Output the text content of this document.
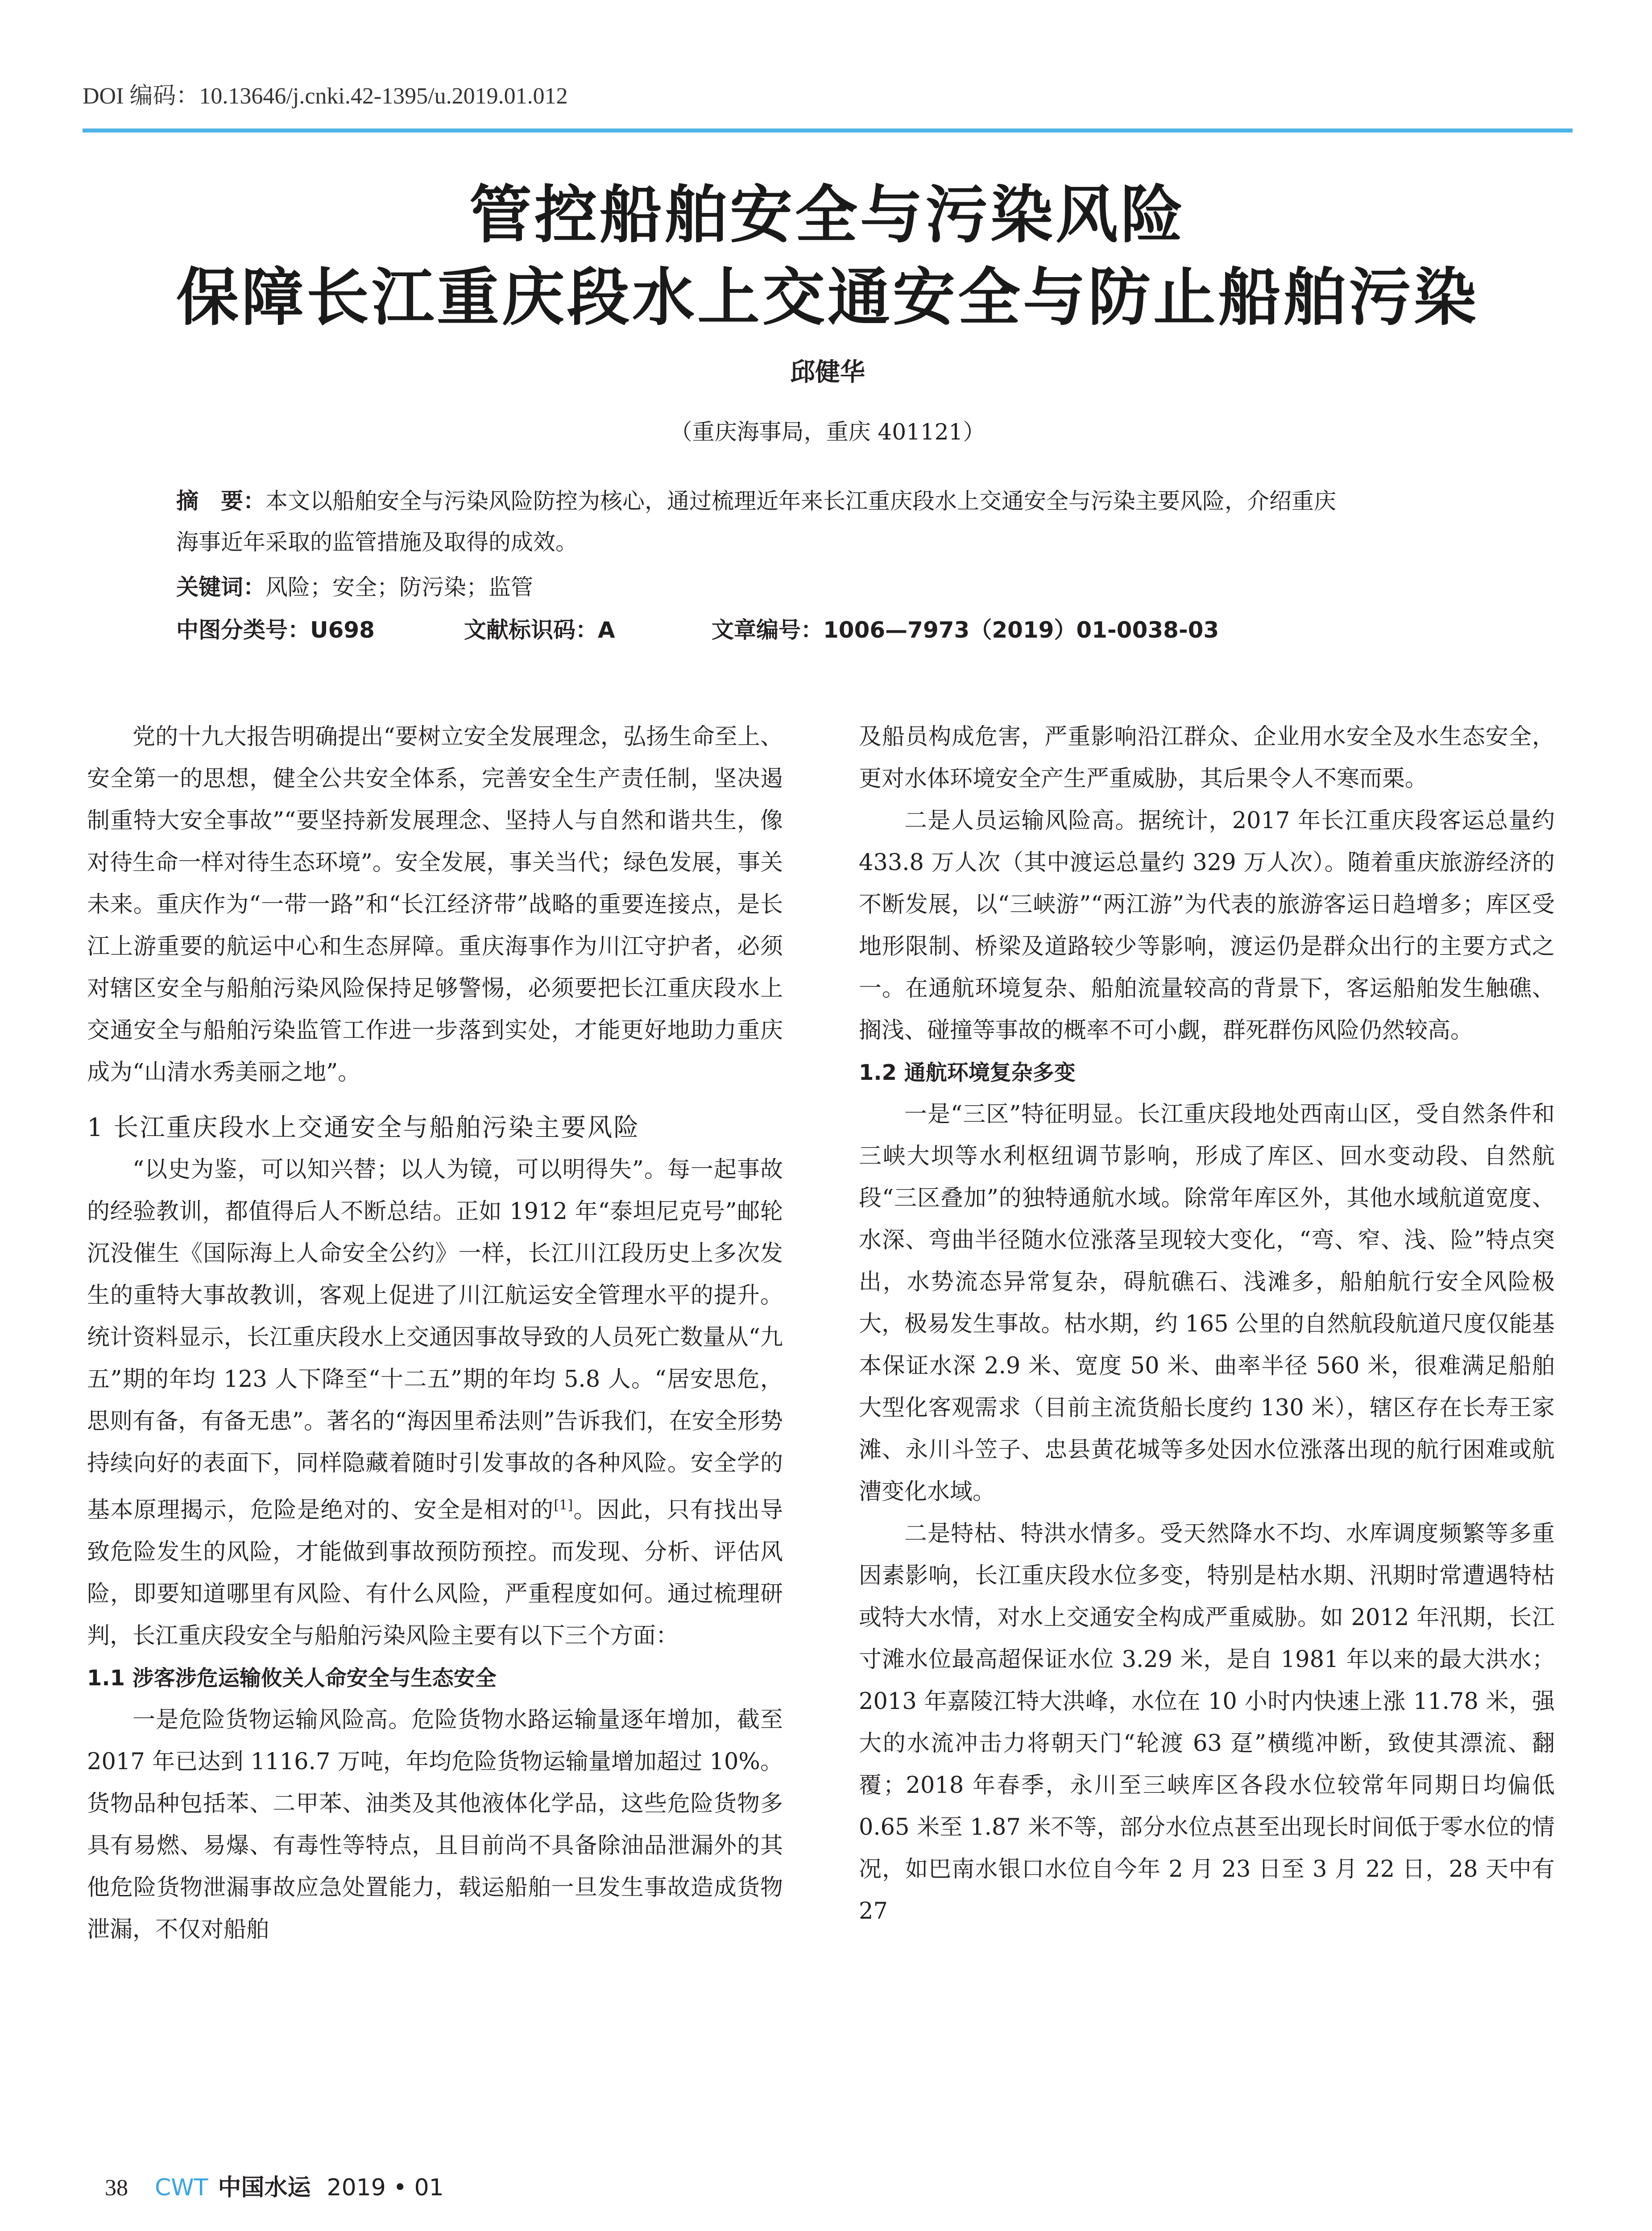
DOI 编码：10.13646/j.cnki.42-1395/u.2019.01.012
管控船舶安全与污染风险
保障长江重庆段水上交通安全与防止船舶污染
邱健华
（重庆海事局，重庆 401121）
摘　要：本文以船舶安全与污染风险防控为核心，通过梳理近年来长江重庆段水上交通安全与污染主要风险，介绍重庆
海事近年采取的监管措施及取得的成效。
关键词：风险；安全；防污染；监管
中图分类号：U698	文献标识码：A	文章编号：1006—7973（2019）01-0038-03

党的十九大报告明确提出“要树立安全发展理念，弘扬生命至上、安全第一的思想，健全公共安全体系，完善安全生产责任制，坚决遏制重特大安全事故”“要坚持新发展理念、坚持人与自然和谐共生，像对待生命一样对待生态环境”。安全发展，事关当代；绿色发展，事关未来。重庆作为“一带一路”和“长江经济带”战略的重要连接点，是长江上游重要的航运中心和生态屏障。重庆海事作为川江守护者，必须对辖区安全与船舶污染风险保持足够警惕，必须要把长江重庆段水上交通安全与船舶污染监管工作进一步落到实处，才能更好地助力重庆成为“山清水秀美丽之地”。

1 长江重庆段水上交通安全与船舶污染主要风险

“以史为鉴，可以知兴替；以人为镜，可以明得失”。每一起事故的经验教训，都值得后人不断总结。正如 1912 年“泰坦尼克号”邮轮沉没催生《国际海上人命安全公约》一样，长江川江段历史上多次发生的重特大事故教训，客观上促进了川江航运安全管理水平的提升。统计资料显示，长江重庆段水上交通因事故导致的人员死亡数量从“九五”期的年均 123 人下降至“十二五”期的年均 5.8 人。“居安思危，思则有备，有备无患”。著名的“海因里希法则”告诉我们，在安全形势持续向好的表面下，同样隐藏着随时引发事故的各种风险。安全学的基本原理揭示，危险是绝对的、安全是相对的[1]。因此，只有找出导致危险发生的风险，才能做到事故预防预控。而发现、分析、评估风险，即要知道哪里有风险、有什么风险，严重程度如何。通过梳理研判，长江重庆段安全与船舶污染风险主要有以下三个方面：

1.1 涉客涉危运输攸关人命安全与生态安全

一是危险货物运输风险高。危险货物水路运输量逐年增加，截至 2017 年已达到 1116.7 万吨，年均危险货物运输量增加超过 10%。货物品种包括苯、二甲苯、油类及其他液体化学品，这些危险货物多具有易燃、易爆、有毒性等特点，且目前尚不具备除油品泄漏外的其他危险货物泄漏事故应急处置能力，载运船舶一旦发生事故造成货物泄漏，不仅对船舶

及船员构成危害，严重影响沿江群众、企业用水安全及水生态安全，更对水体环境安全产生严重威胁，其后果令人不寒而栗。

二是人员运输风险高。据统计，2017 年长江重庆段客运总量约 433.8 万人次（其中渡运总量约 329 万人次）。随着重庆旅游经济的不断发展，以“三峡游”“两江游”为代表的旅游客运日趋增多；库区受地形限制、桥梁及道路较少等影响，渡运仍是群众出行的主要方式之一。在通航环境复杂、船舶流量较高的背景下，客运船舶发生触礁、搁浅、碰撞等事故的概率不可小觑，群死群伤风险仍然较高。

1.2 通航环境复杂多变

一是“三区”特征明显。长江重庆段地处西南山区，受自然条件和三峡大坝等水利枢纽调节影响，形成了库区、回水变动段、自然航段“三区叠加”的独特通航水域。除常年库区外，其他水域航道宽度、水深、弯曲半径随水位涨落呈现较大变化，“弯、窄、浅、险”特点突出，水势流态异常复杂，碍航礁石、浅滩多，船舶航行安全风险极大，极易发生事故。枯水期，约 165 公里的自然航段航道尺度仅能基本保证水深 2.9 米、宽度 50 米、曲率半径 560 米，很难满足船舶大型化客观需求（目前主流货船长度约 130 米），辖区存在长寿王家滩、永川斗笠子、忠县黄花城等多处因水位涨落出现的航行困难或航漕变化水域。

二是特枯、特洪水情多。受天然降水不均、水库调度频繁等多重因素影响，长江重庆段水位多变，特别是枯水期、汛期时常遭遇特枯或特大水情，对水上交通安全构成严重威胁。如 2012 年汛期，长江寸滩水位最高超保证水位 3.29 米，是自 1981 年以来的最大洪水；2013 年嘉陵江特大洪峰，水位在 10 小时内快速上涨 11.78 米，强大的水流冲击力将朝天门“轮渡 63 趸”横缆冲断，致使其漂流、翻覆；2018 年春季，永川至三峡库区各段水位较常年同期日均偏低 0.65 米至 1.87 米不等，部分水位点甚至出现长时间低于零水位的情况，如巴南水银口水位自今年 2 月 23 日至 3 月 22 日，28 天中有 27

38 CWT 中国水运 2019 • 01
